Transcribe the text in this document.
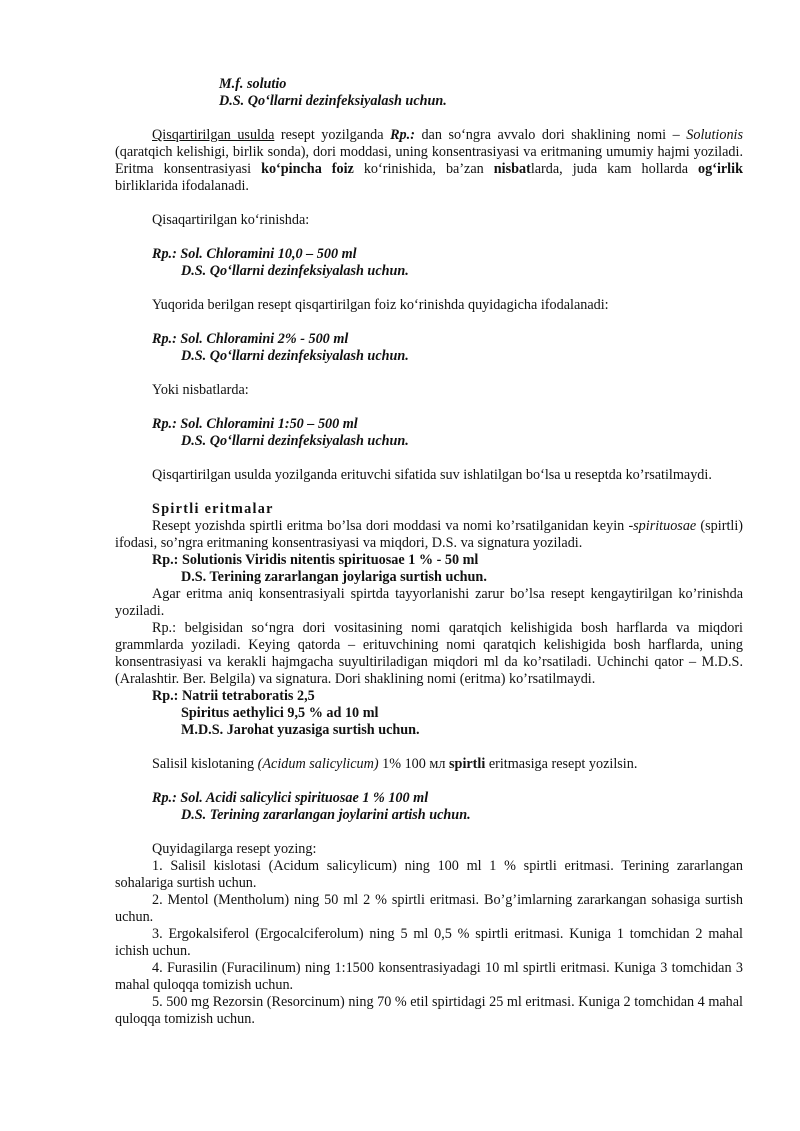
M.f. solutio

D.S. Qo‘llarni dezinfeksiyalash uchun.

Qisqartirilgan usulda resept yozilganda Rp.: dan so‘ngra avvalo dori shaklining nomi – Solutionis (qaratqich kelishigi, birlik sonda), dori moddasi, uning konsentrasiyasi va eritmaning umumiy hajmi yoziladi. Eritma konsentrasiyasi ko‘pincha foiz ko‘rinishida, ba’zan nisbatlarda, juda kam hollarda og‘irlik birliklarida ifodalanadi.

Qisaqartirilgan ko‘rinishda:

Rp.: Sol. Chloramini 10,0 – 500 ml

D.S. Qo‘llarni dezinfeksiyalash uchun.

Yuqorida berilgan resept qisqartirilgan foiz ko‘rinishda quyidagicha ifodalanadi:

Rp.: Sol. Chloramini 2% - 500 ml

D.S. Qo‘llarni dezinfeksiyalash uchun.

Yoki nisbatlarda:

Rp.: Sol. Chloramini 1:50 – 500 ml

D.S. Qo‘llarni dezinfeksiyalash uchun.

Qisqartirilgan usulda yozilganda erituvchi sifatida suv ishlatilgan bo‘lsa u reseptda ko’rsatilmaydi.

Spirtli eritmalar

Resept yozishda spirtli eritma bo’lsa dori moddasi va nomi ko’rsatilganidan keyin -spirituosae (spirtli) ifodasi, so’ngra eritmaning konsentrasiyasi va miqdori, D.S. va signatura yoziladi.

Rp.: Solutionis Viridis nitentis spirituosae 1 % - 50 ml

D.S. Terining zararlangan joylariga surtish uchun.

Agar eritma aniq konsentrasiyali spirtda tayyorlanishi zarur bo’lsa resept kengaytirilgan ko’rinishda yoziladi.

Rp.: belgisidan so‘ngra dori vositasining nomi qaratqich kelishigida bosh harflarda va miqdori grammlarda yoziladi. Keying qatorda – erituvchining nomi qaratqich kelishigida bosh harflarda, uning konsentrasiyasi va kerakli hajmgacha suyultiriladigan miqdori ml da ko’rsatiladi. Uchinchi qator – M.D.S. (Aralashtir. Ber. Belgila) va signatura. Dori shaklining nomi (eritma) ko’rsatilmaydi.

Rp.: Natrii tetraboratis 2,5

Spiritus aethylici 9,5 % ad 10 ml

M.D.S. Jarohat yuzasiga surtish uchun.

Salisil kislotaning (Acidum salicylicum) 1% 100 мл spirtli eritmasiga resept yozilsin.

Rp.: Sol. Acidi salicylici spirituosae 1 % 100 ml

D.S. Terining zararlangan joylarini artish uchun.

Quyidagilarga resept yozing:

1. Salisil kislotasi (Acidum salicylicum) ning 100 ml 1 % spirtli eritmasi. Terining zararlangan sohalariga surtish uchun.

2. Mentol (Mentholum) ning 50 ml 2 % spirtli eritmasi. Bo’g’imlarning zararkangan sohasiga surtish uchun.

3. Ergokalsiferol (Ergocalciferolum) ning 5 ml 0,5 % spirtli eritmasi. Kuniga 1 tomchidan 2 mahal ichish uchun.

4. Furasilin (Furacilinum) ning 1:1500 konsentrasiyadagi 10 ml spirtli eritmasi. Kuniga 3 tomchidan 3 mahal quloqqa tomizish uchun.

5. 500 mg Rezorsin (Resorcinum) ning 70 % etil spirtidagi 25 ml eritmasi. Kuniga 2 tomchidan 4 mahal quloqqa tomizish uchun.
